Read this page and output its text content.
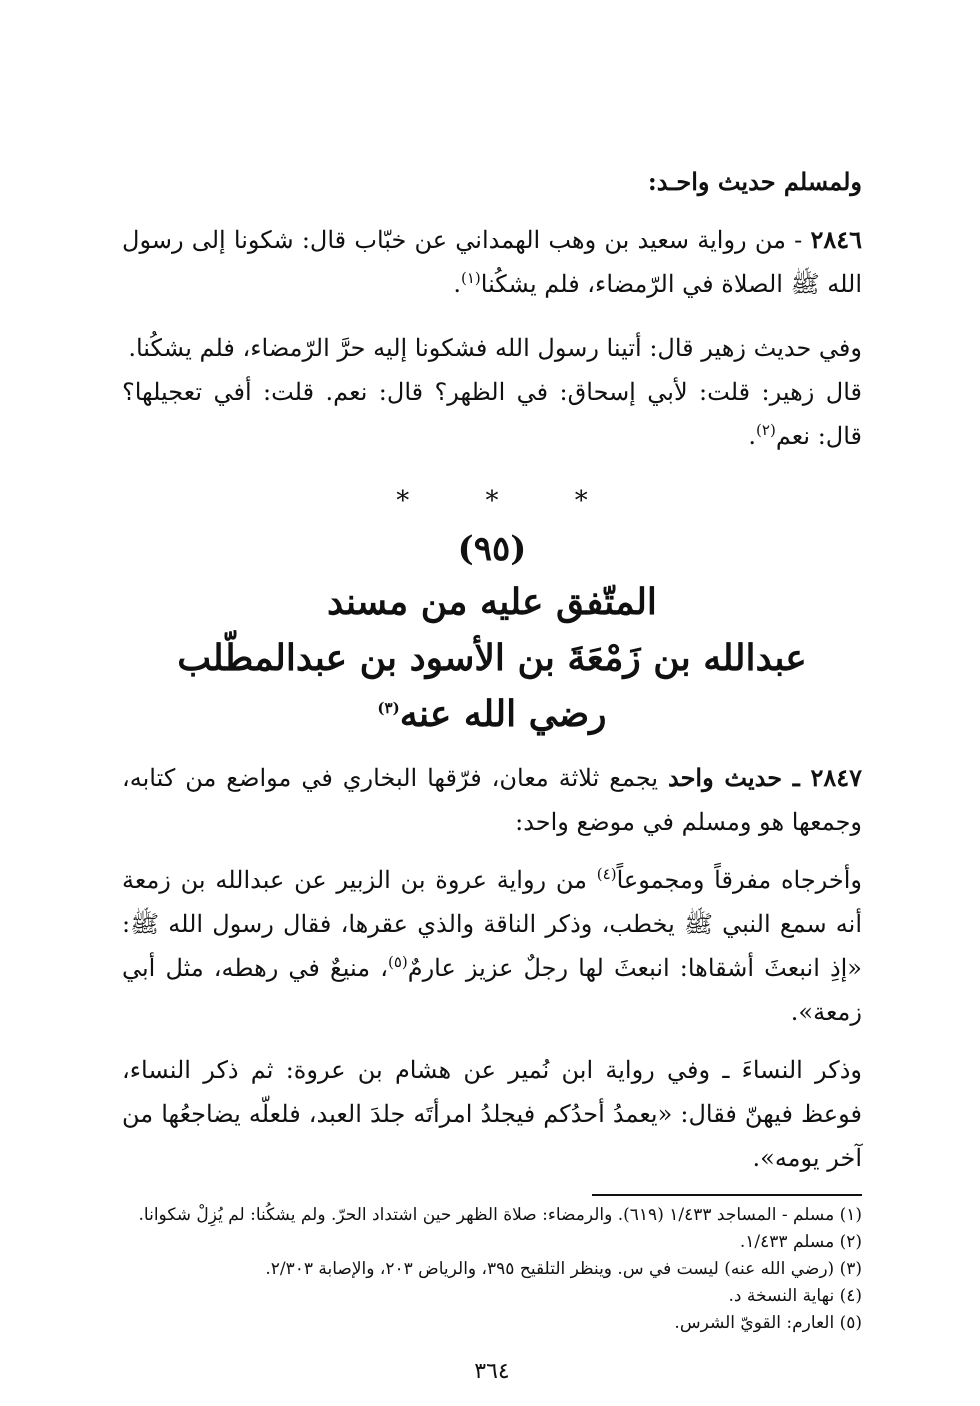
ولمسلم حديث واحـد:

٢٨٤٦ - من رواية سعيد بن وهب الهمداني عن خبّاب قال: شكونا إلى رسول الله ﷺ الصلاة في الرّمضاء، فلم يشكُنا$^{(١)}$.

وفي حديث زهير قال: أتينا رسول الله فشكونا إليه حرَّ الرّمضاء، فلم يشكُنا.

قال زهير: قلت: لأبي إسحاق: في الظهر؟ قال: نعم. قلت: أفي تعجيلها؟ قال: نعم$^{(٢)}$.

* * *
(٩٥)
المتّفق عليه من مسند
عبدالله بن زَمْعَةَ بن الأسود بن عبدالمطّلب
رضي الله عنه$^{(٣)}$

٢٨٤٧ ـ حديث واحد يجمع ثلاثة معان، فرّقها البخاري في مواضع من كتابه، وجمعها هو ومسلم في موضع واحد:

وأخرجاه مفرقاً ومجموعاً$^{(٤)}$ من رواية عروة بن الزبير عن عبدالله بن زمعة أنه سمع النبي ﷺ يخطب، وذكر الناقة والذي عقرها، فقال رسول الله ﷺ: «إذِ انبعثَ أشقاها: انبعثَ لها رجلٌ عزيز عارمٌ$^{(٥)}$، منيعٌ في رهطه، مثل أبي زمعة».

وذكر النساءَ ـ وفي رواية ابن نُمير عن هشام بن عروة: ثم ذكر النساء، فوعظ فيهنّ فقال: «يعمدُ أحدُكم فيجلدُ امرأتَه جلدَ العبد، فلعلّه يضاجعُها من آخر يومه».

(١) مسلم - المساجد ١/٤٣٣ (٦١٩). والرمضاء: صلاة الظهر حين اشتداد الحرّ. ولم يشكُنا: لم يُزِلْ شكوانا.

(٢) مسلم ١/٤٣٣.

(٣) (رضي الله عنه) ليست في س. وينظر التلقيح ٣٩٥، والرياض ٢٠٣، والإصابة ٢/٣٠٣.

(٤) نهاية النسخة د.

(٥) العارم: القويّ الشرس.

٣٦٤
